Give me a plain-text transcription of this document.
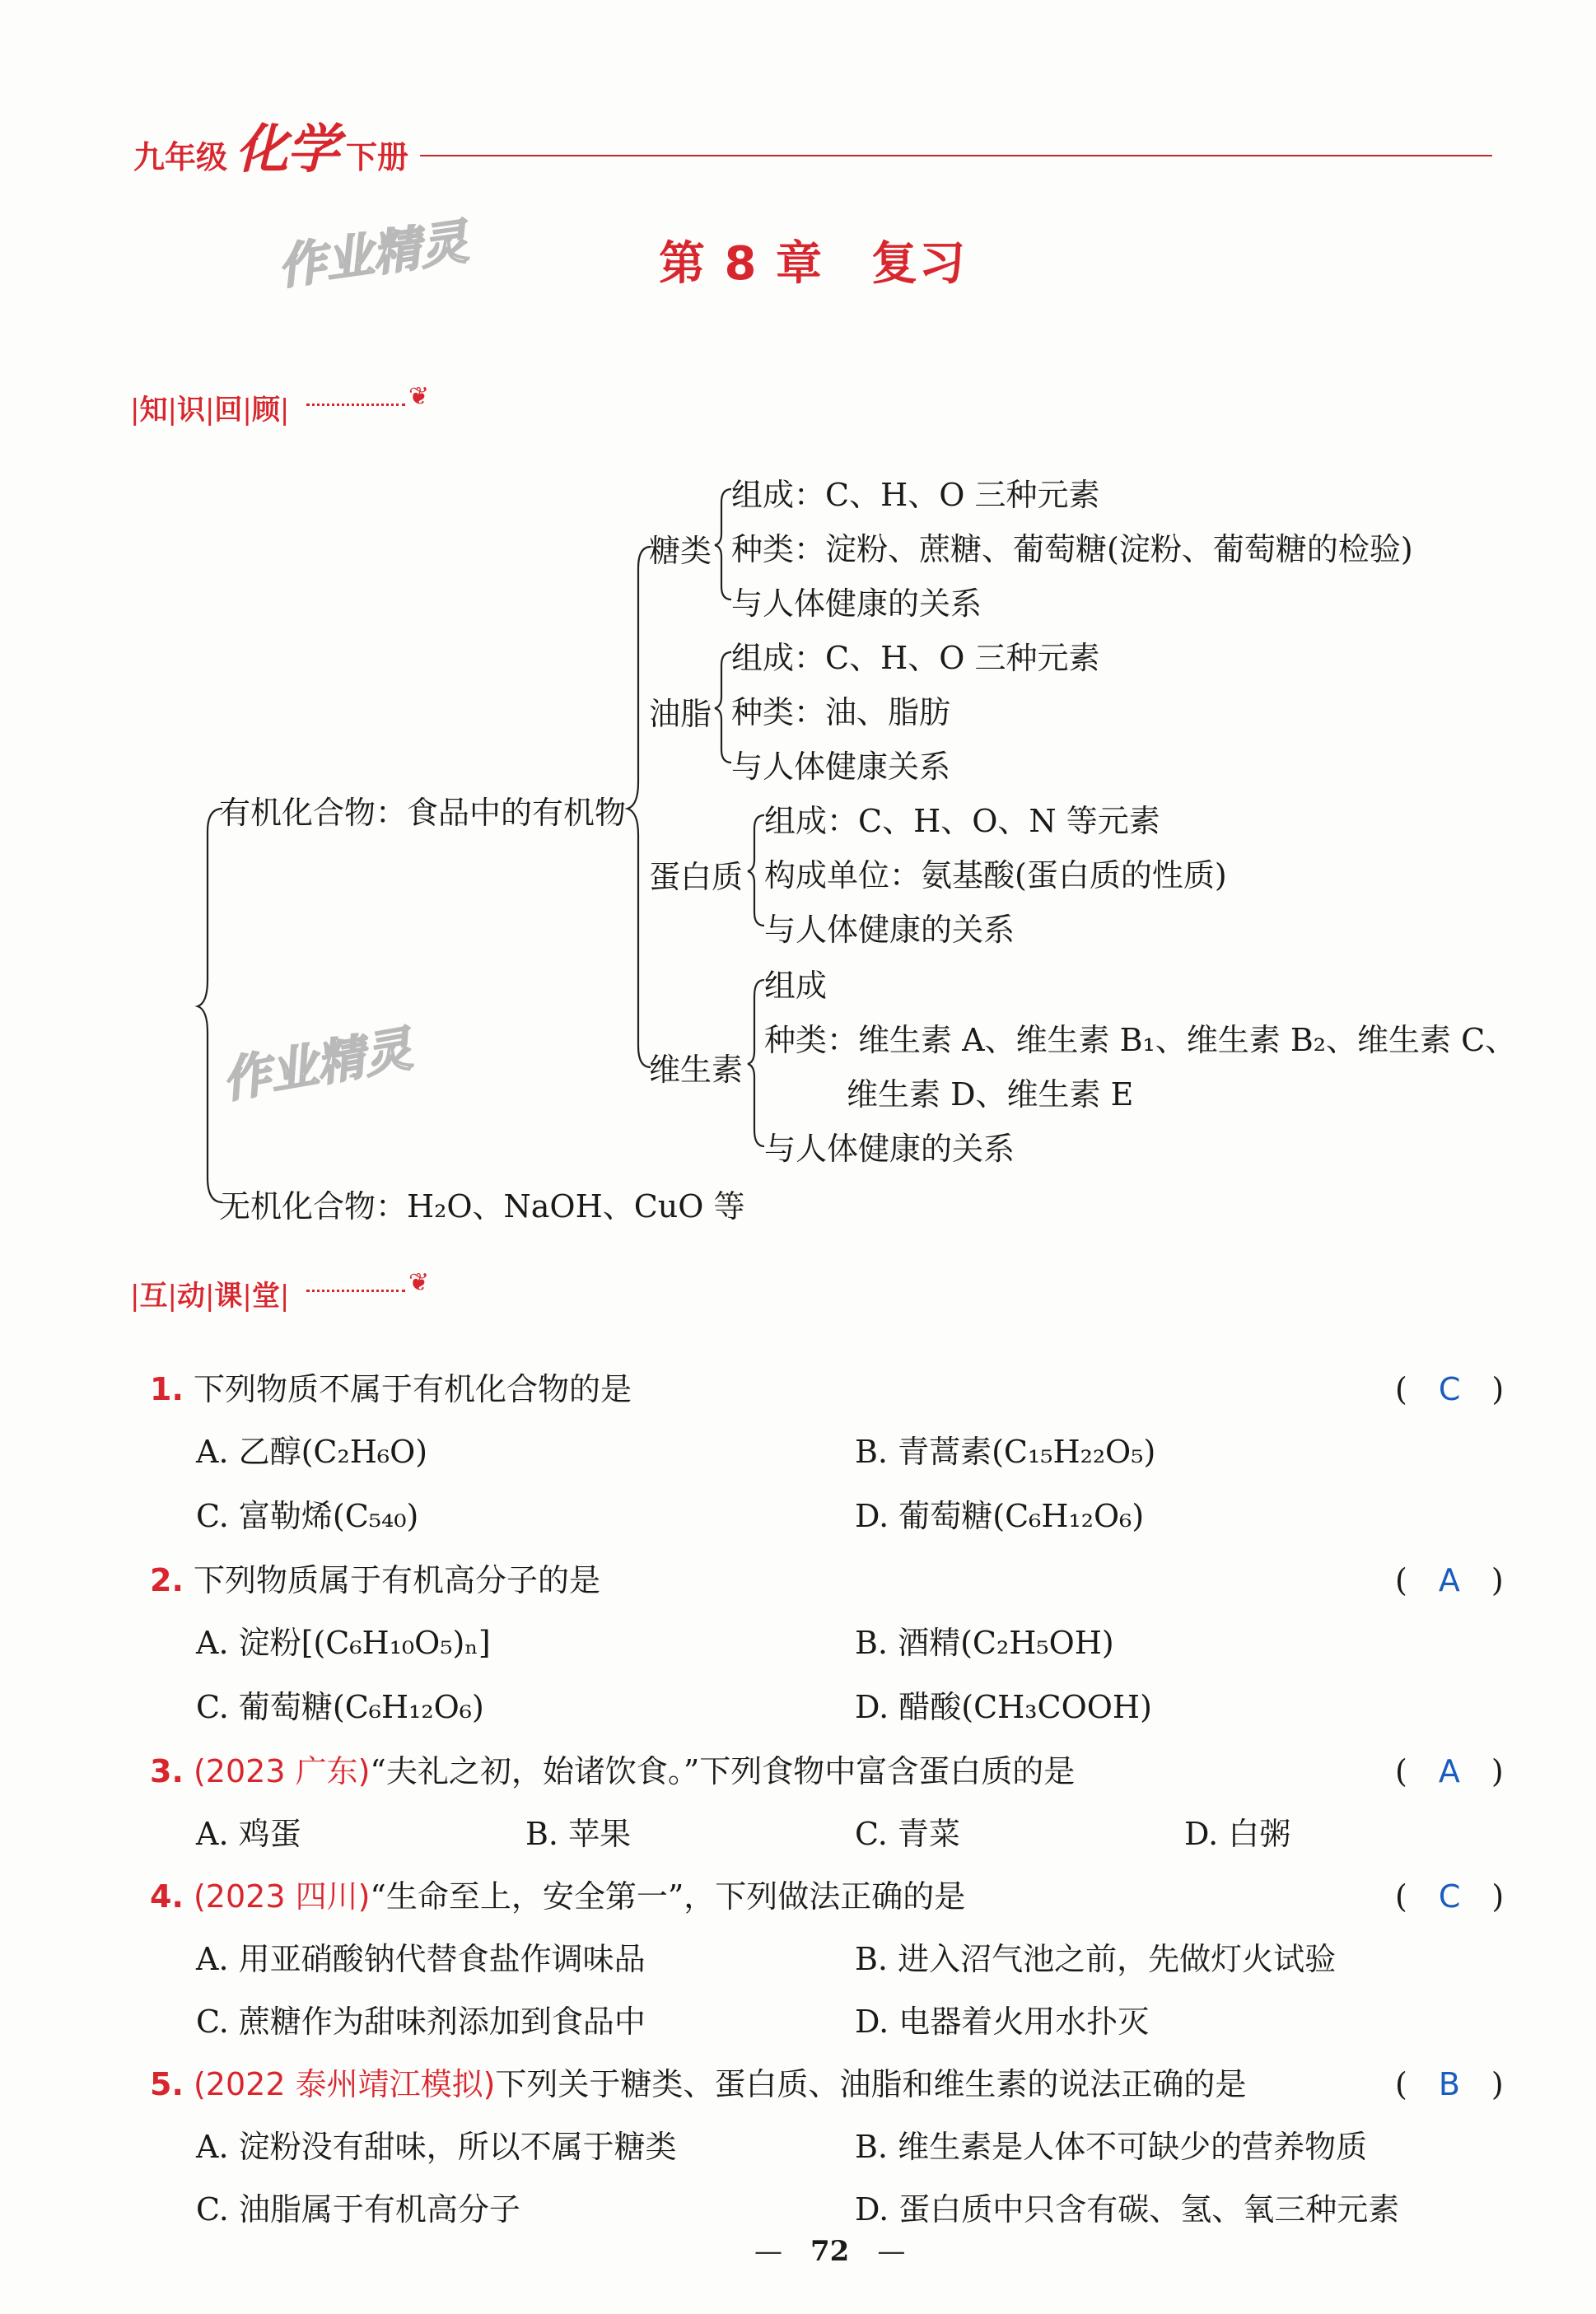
九年级 化学 下册
作业精灵	第 8 章　复习
|知|识|回|顾|	❦
作业精灵
有机化合物：食品中的有机物
无机化合物：H₂O、NaOH、CuO 等
糖类
组成：C、H、O 三种元素
种类：淀粉、蔗糖、葡萄糖(淀粉、葡萄糖的检验)
与人体健康的关系
油脂
组成：C、H、O 三种元素
种类：油、脂肪
与人体健康关系
蛋白质
组成：C、H、O、N 等元素
构成单位：氨基酸(蛋白质的性质)
与人体健康的关系
维生素
组成
种类：维生素 A、维生素 B₁、维生素 B₂、维生素 C、
维生素 D、维生素 E
与人体健康的关系
|互|动|课|堂|	❦
1. 下列物质不属于有机化合物的是	(　C　)
A. 乙醇(C₂H₆O)	B. 青蒿素(C₁₅H₂₂O₅)
C. 富勒烯(C₅₄₀)	D. 葡萄糖(C₆H₁₂O₆)
2. 下列物质属于有机高分子的是	(　A　)
A. 淀粉[(C₆H₁₀O₅)ₙ]	B. 酒精(C₂H₅OH)
C. 葡萄糖(C₆H₁₂O₆)	D. 醋酸(CH₃COOH)
3. (2023 广东)“夫礼之初，始诸饮食。”下列食物中富含蛋白质的是	(　A　)
A. 鸡蛋	B. 苹果	C. 青菜	D. 白粥
4. (2023 四川)“生命至上，安全第一”，下列做法正确的是	(　C　)
A. 用亚硝酸钠代替食盐作调味品	B. 进入沼气池之前，先做灯火试验
C. 蔗糖作为甜味剂添加到食品中	D. 电器着火用水扑灭
5. (2022 泰州靖江模拟)下列关于糖类、蛋白质、油脂和维生素的说法正确的是	(　B　)
A. 淀粉没有甜味，所以不属于糖类	B. 维生素是人体不可缺少的营养物质
C. 油脂属于有机高分子	D. 蛋白质中只含有碳、氢、氧三种元素
—　 72　 —
